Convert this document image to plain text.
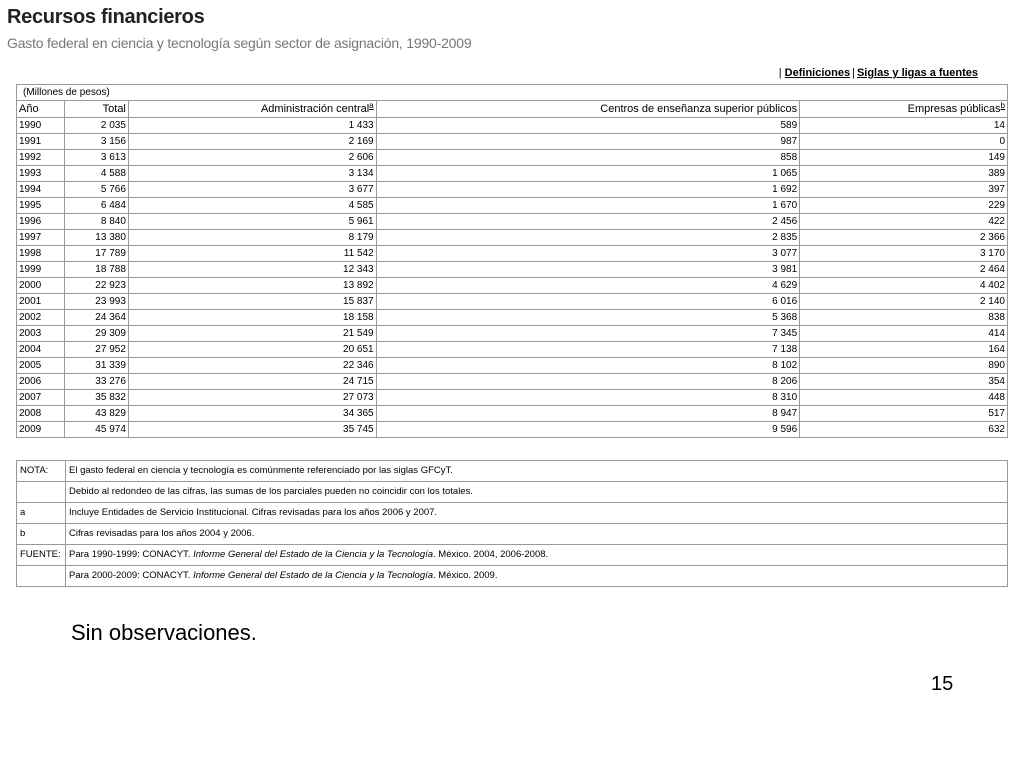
Recursos financieros
Gasto federal en ciencia y tecnología según sector de asignación, 1990-2009
| Definiciones | Siglas y ligas a fuentes
(Millones de pesos)				
Año	Total	Administración central$^a$	Centros de enseñanza superior públicos	Empresas públicas$^b$
1990	2 035	1 433	589	14
1991	3 156	2 169	987	0
1992	3 613	2 606	858	149
1993	4 588	3 134	1 065	389
1994	5 766	3 677	1 692	397
1995	6 484	4 585	1 670	229
1996	8 840	5 961	2 456	422
1997	13 380	8 179	2 835	2 366
1998	17 789	11 542	3 077	3 170
1999	18 788	12 343	3 981	2 464
2000	22 923	13 892	4 629	4 402
2001	23 993	15 837	6 016	2 140
2002	24 364	18 158	5 368	838
2003	29 309	21 549	7 345	414
2004	27 952	20 651	7 138	164
2005	31 339	22 346	8 102	890
2006	33 276	24 715	8 206	354
2007	35 832	27 073	8 310	448
2008	43 829	34 365	8 947	517
2009	45 974	35 745	9 596	632
NOTA:	El gasto federal en ciencia y tecnología es comúnmente referenciado por las siglas GFCyT.
	Debido al redondeo de las cifras, las sumas de los parciales pueden no coincidir con los totales.
a	Incluye Entidades de Servicio Institucional. Cifras revisadas para los años 2006 y 2007.
b	Cifras revisadas para los años 2004 y 2006.
FUENTE:	Para 1990-1999: CONACYT. Informe General del Estado de la Ciencia y la Tecnología. México. 2004, 2006-2008.
	Para 2000-2009: CONACYT. Informe General del Estado de la Ciencia y la Tecnología. México. 2009.
Sin observaciones.
15
